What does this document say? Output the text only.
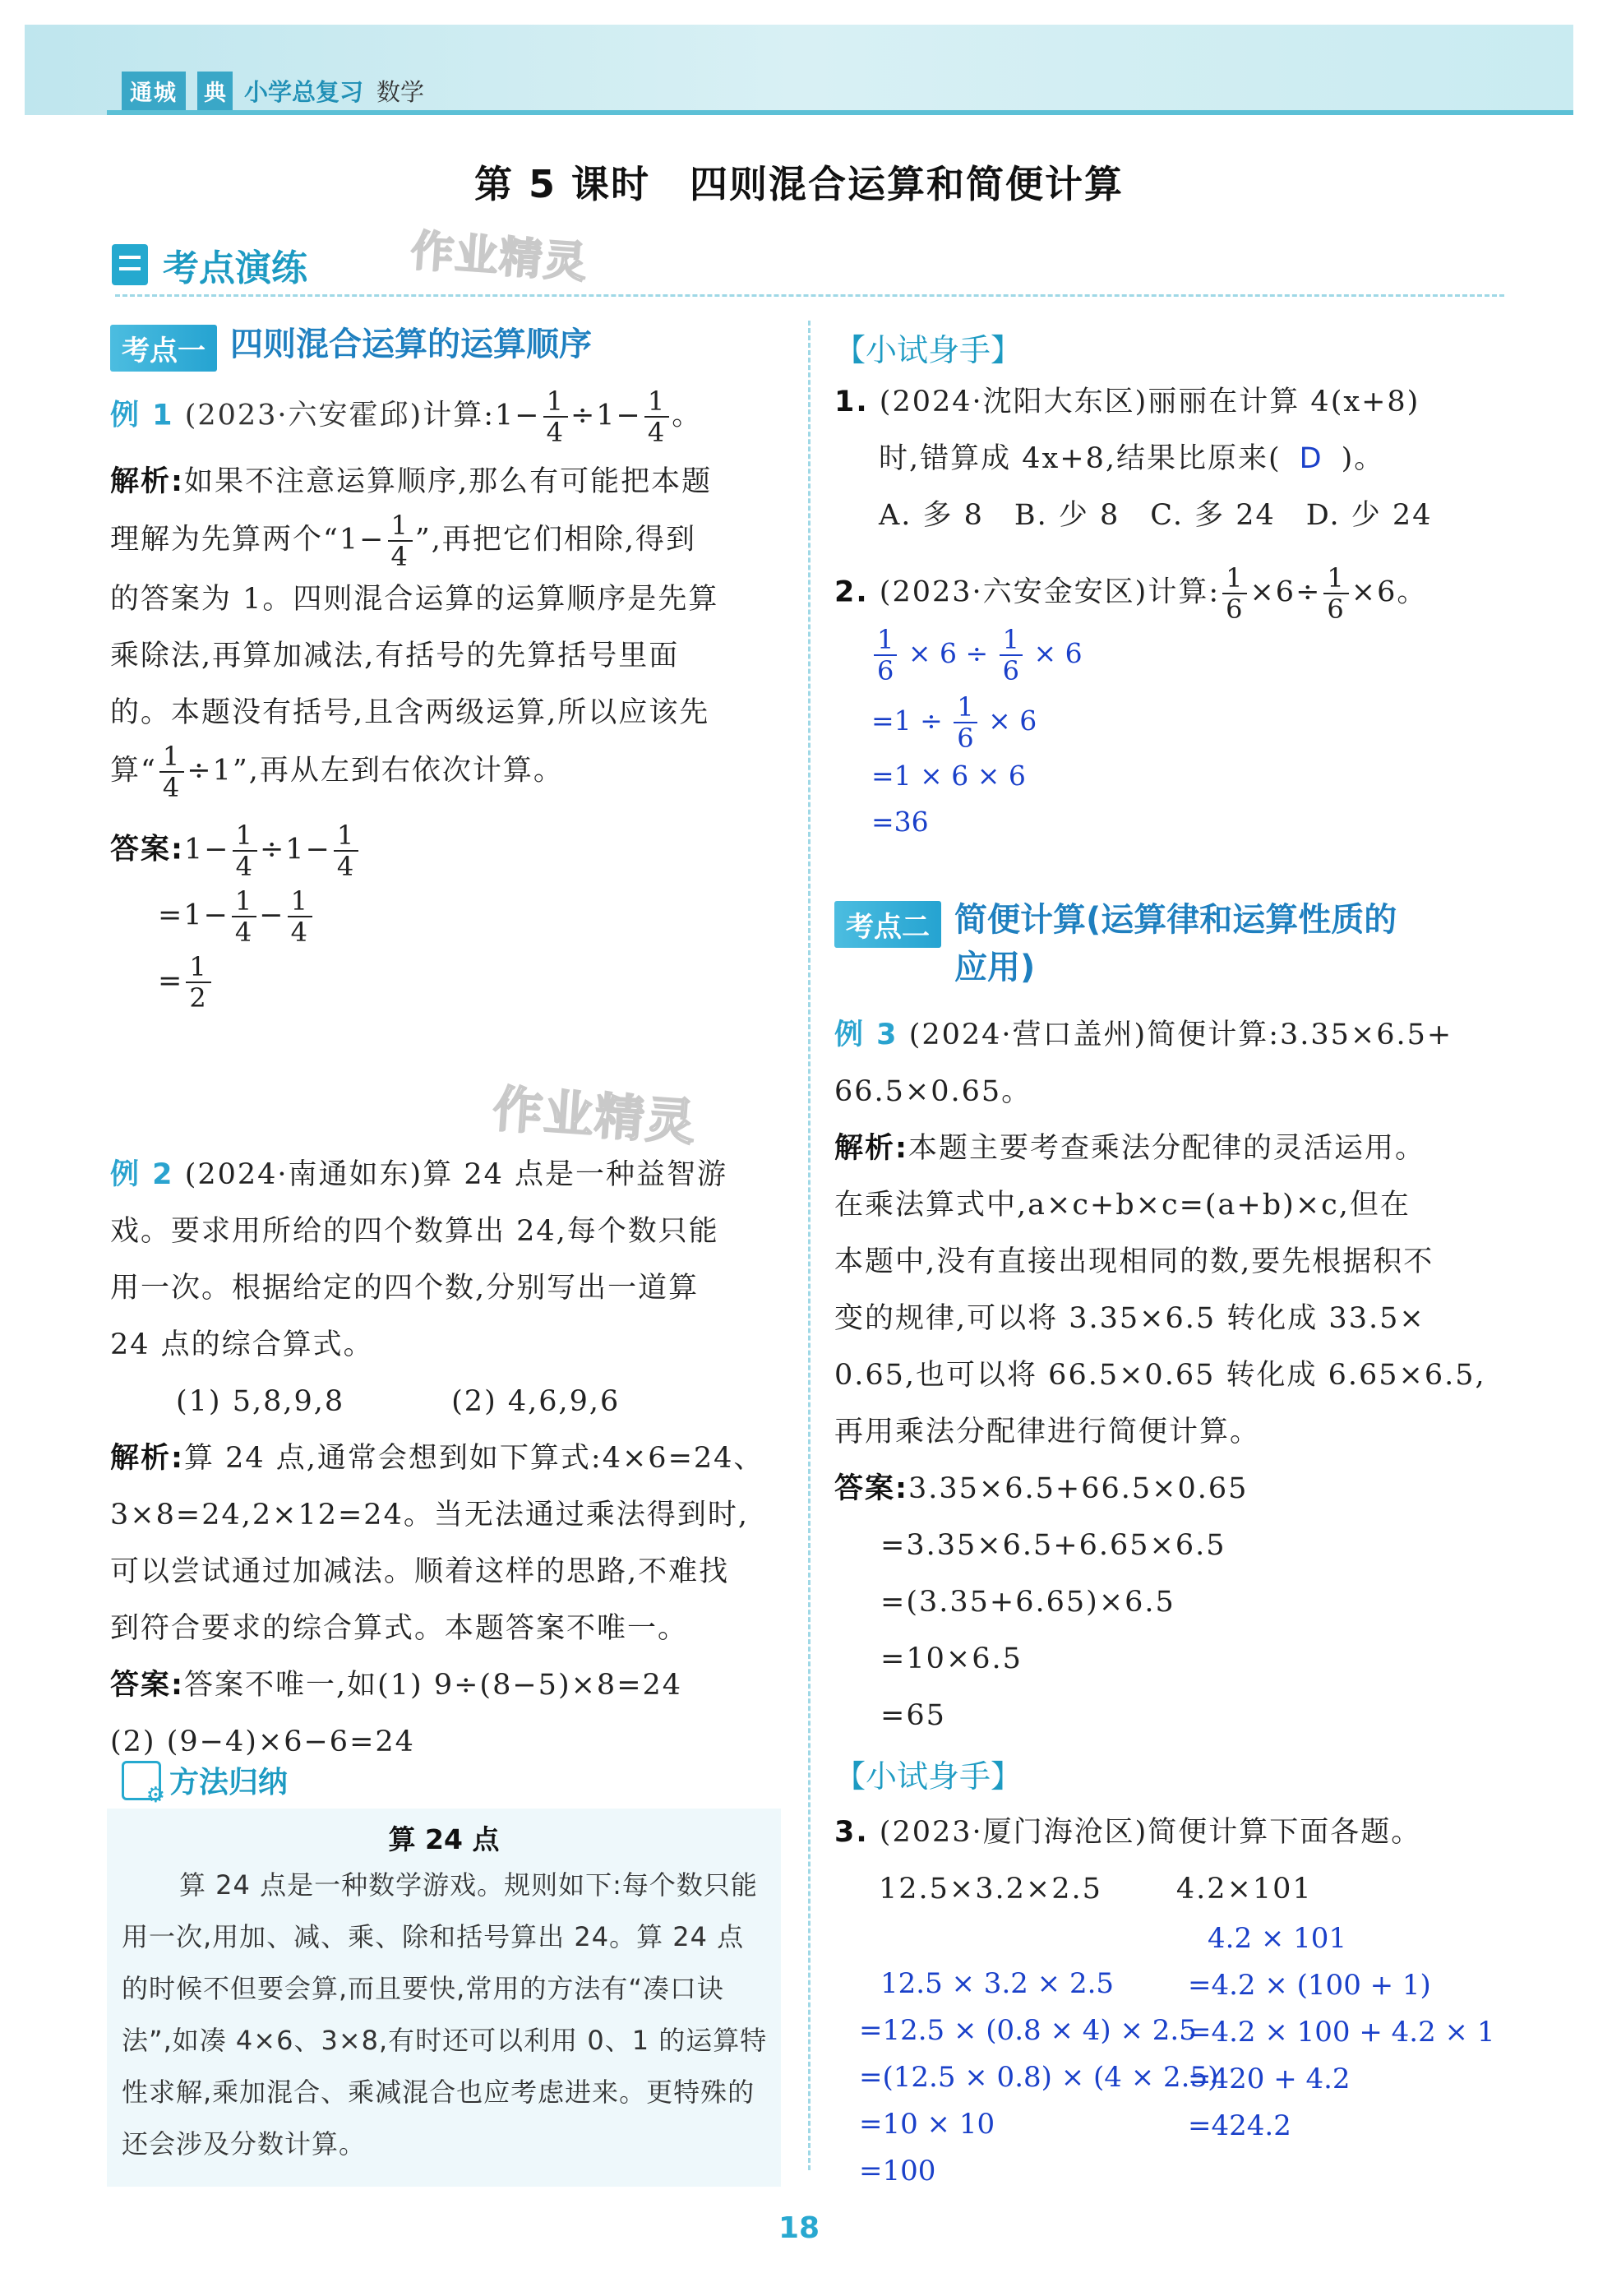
通城	典 小学总复习 数学
第 5 课时　四则混合运算和简便计算
考点演练 作业精灵
考点一 四则混合运算的运算顺序
例 1 (2023·六安霍邱)计算:1− $\frac{1}{4} \div 1- \frac{1}{4}$ 。
解析:如果不注意运算顺序,那么有可能把本题
理解为先算两个“$1- \frac{1}{4}$ ”,再把它们相除,得到
的答案为 1。四则混合运算的运算顺序是先算
乘除法,再算加减法,有括号的先算括号里面
的。本题没有括号,且含两级运算,所以应该先
算“ $\frac{1}{4} \div 1$”,再从左到右依次计算。
答案:1− $\frac{1}{4} \div 1- \frac{1}{4}$
$=1- \frac{1}{4} - \frac{1}{4}$
= $\frac{1}{2}$
作业精灵
例 2 (2024·南通如东)算 24 点是一种益智游
戏。要求用所给的四个数算出 24,每个数只能
用一次。根据给定的四个数,分别写出一道算
24 点的综合算式。
(1) 5,8,9,8	(2) 4,6,9,6
解析:算 24 点,通常会想到如下算式:4×6=24、
3×8=24,2×12=24。当无法通过乘法得到时,
可以尝试通过加减法。顺着这样的思路,不难找
到符合要求的综合算式。本题答案不唯一。
答案:答案不唯一,如(1) 9÷(8−5)×8=24
(2) (9−4)×6−6=24
⚙
方法归纳
算 24 点
算 24 点是一种数学游戏。规则如下:每个数只能用一次,用加、减、乘、除和括号算出 24。算 24 点的时候不但要会算,而且要快,常用的方法有“凑口诀法”,如凑 4×6、3×8,有时还可以利用 0、1 的运算特性求解,乘加混合、乘减混合也应考虑进来。更特殊的还会涉及分数计算。
【小试身手】
1. (2024·沈阳大东区)丽丽在计算 4(x+8)
时,错算成 4x+8,结果比原来( D )。
A. 多 8　B. 少 8　C. 多 24　D. 少 24
2. (2023·六安金安区)计算: $\frac{1}{6} \times 6\div \frac{1}{6} \times 6$。
$\frac{1}{6} \times 6 \div \frac{1}{6} \times 6$
$=1 \div \frac{1}{6} \times 6$
=1 × 6 × 6
=36
考点二 简便计算(运算律和运算性质的
应用)
例 3 (2024·营口盖州)简便计算:3.35×6.5+
66.5×0.65。
解析:本题主要考查乘法分配律的灵活运用。
在乘法算式中,a×c+b×c=(a+b)×c,但在
本题中,没有直接出现相同的数,要先根据积不
变的规律,可以将 3.35×6.5 转化成 33.5×
0.65,也可以将 66.5×0.65 转化成 6.65×6.5,
再用乘法分配律进行简便计算。
答案:3.35×6.5+66.5×0.65
=3.35×6.5+6.65×6.5
=(3.35+6.65)×6.5
=10×6.5
=65
【小试身手】
3. (2023·厦门海沧区)简便计算下面各题。
12.5×3.2×2.5	4.2×101
4.2 × 101
=4.2 × (100 + 1)
=4.2 × 100 + 4.2 × 1
=420 + 4.2
=424.2
12.5 × 3.2 × 2.5
=12.5 × (0.8 × 4) × 2.5
=(12.5 × 0.8) × (4 × 2.5)
=10 × 10
=100
18
